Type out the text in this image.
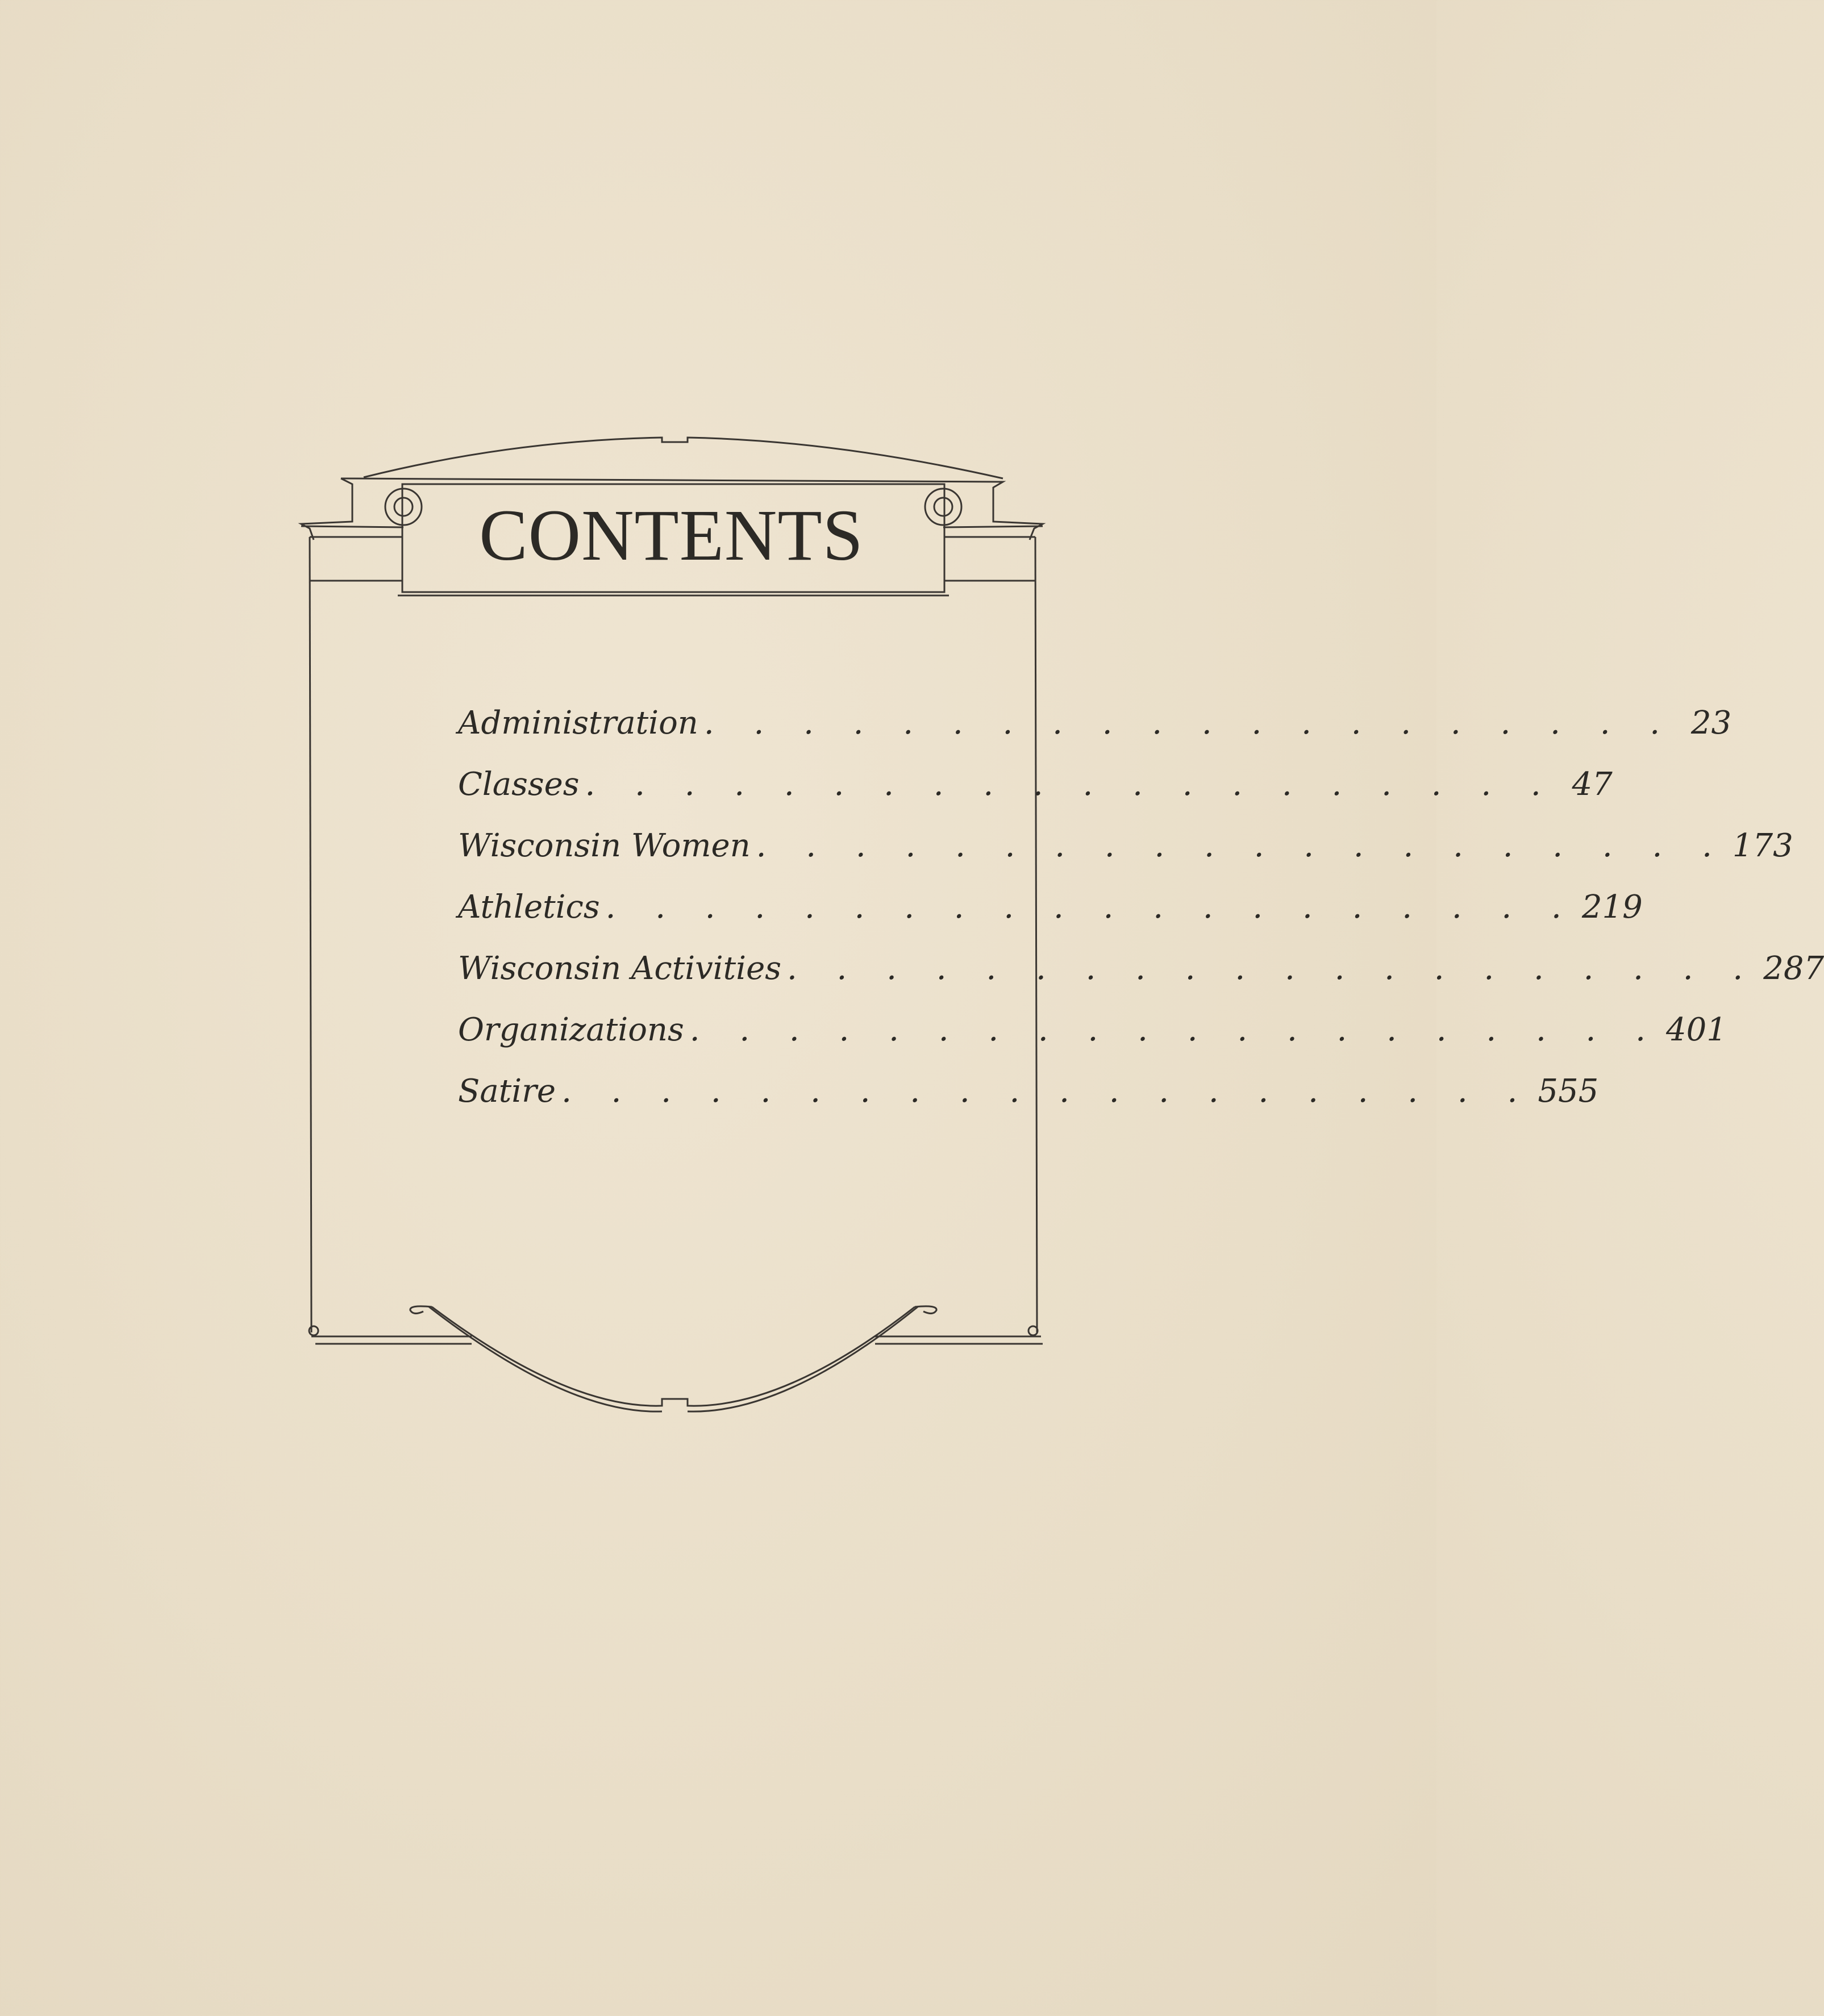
CONTENTS
Administration . . . . . . . . . . . . . . . . . . . . 23
Classes . . . . . . . . . . . . . . . . . . . . 47
Wisconsin Women . . . . . . . . . . . . . . . . . . . . 173
Athletics . . . . . . . . . . . . . . . . . . . . 219
Wisconsin Activities . . . . . . . . . . . . . . . . . . . . 287
Organizations . . . . . . . . . . . . . . . . . . . . 401
Satire . . . . . . . . . . . . . . . . . . . . 555
